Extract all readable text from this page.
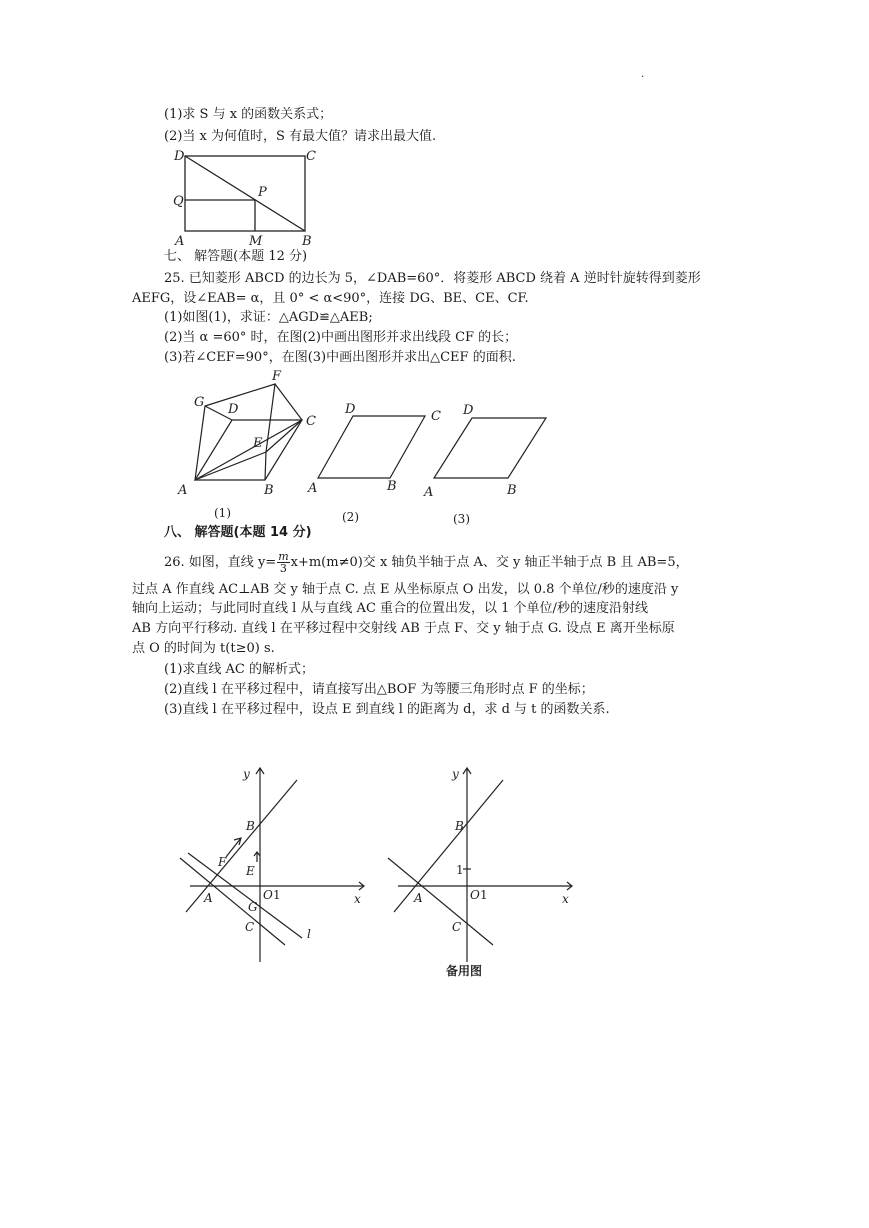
.
(1)求 S 与 x 的函数关系式；
(2)当 x 为何值时，S 有最大值？请求出最大值.
D	C
Q
P
A	M	B
七、 解答题(本题 12 分)
25. 已知菱形 ABCD 的边长为 5，∠DAB=60°．将菱形 ABCD 绕着 A 逆时针旋转得到菱形
AEFG，设∠EAB= α，且 0° < α<90°，连接 DG、BE、CE、CF.
(1)如图(1)，求证：△AGD≌△AEB;
(2)当 α =60° 时，在图(2)中画出图形并求出线段 CF 的长；
(3)若∠CEF=90°，在图(3)中画出图形并求出△CEF 的面积.
F
G D
C
E
A	B
D	C
A	B
D
A	B
(1)	(2)	(3)
八、 解答题(本题 14 分)
26. 如图，直线 $y= \frac{m}{3} x+m(m\ne 0)$交 x 轴负半轴于点 A、交 y 轴正半轴于点 B 且 AB=5，
过点 A 作直线 AC⊥AB 交 y 轴于点 C. 点 E 从坐标原点 O 出发，以 0.8 个单位/秒的速度沿 y
轴向上运动；与此同时直线 l 从与直线 AC 重合的位置出发，以 1 个单位/秒的速度沿射线
AB 方向平行移动. 直线 l 在平移过程中交射线 AB 于点 F、交 y 轴于点 G. 设点 E 离开坐标原
点 O 的时间为 t(t≥0) s.
(1)求直线 AC 的解析式；
(2)直线 l 在平移过程中，请直接写出△BOF 为等腰三角形时点 F 的坐标；
(3)直线 l 在平移过程中，设点 E 到直线 l 的距离为 d，求 d 与 t 的函数关系.
y
x
B
F
E
A	O 1
G
C	l
y
x
B
1
A	O 1
C
备用图
